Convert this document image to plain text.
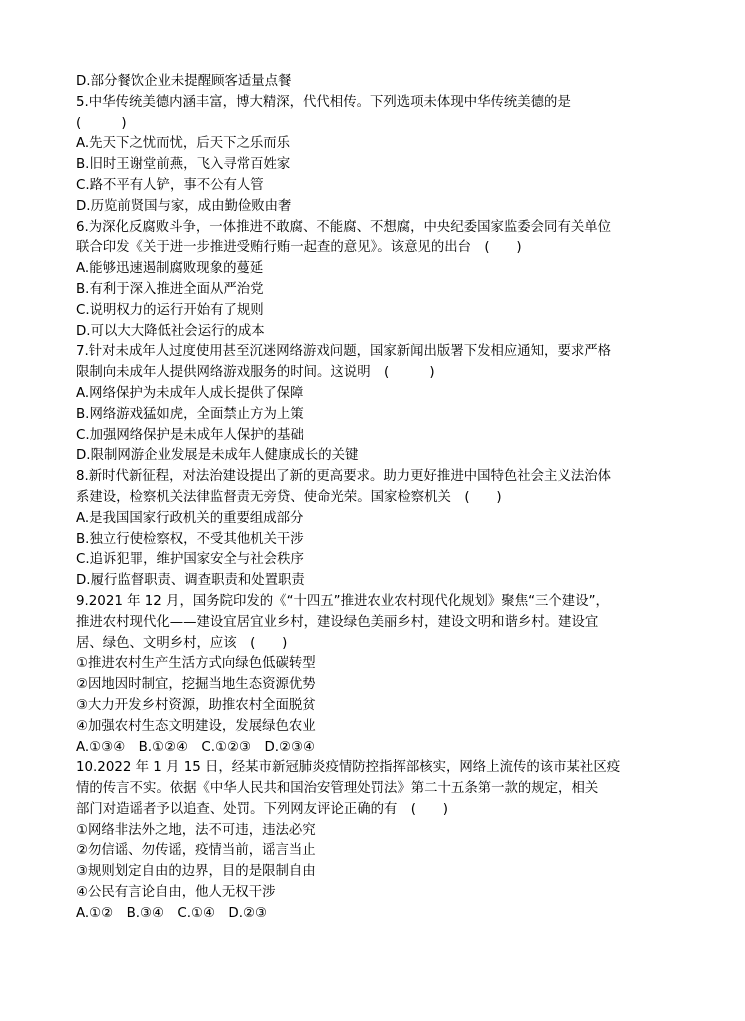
D.部分餐饮企业未提醒顾客适量点餐
5.中华传统美德内涵丰富，博大精深，代代相传。下列选项未体现中华传统美德的是
(　　　)
A.先天下之忧而忧，后天下之乐而乐
B.旧时王谢堂前燕，飞入寻常百姓家
C.路不平有人铲，事不公有人管
D.历览前贤国与家，成由勤俭败由奢
6.为深化反腐败斗争，一体推进不敢腐、不能腐、不想腐，中央纪委国家监委会同有关单位
联合印发《关于进一步推进受贿行贿一起查的意见》。该意见的出台　(　　)
A.能够迅速遏制腐败现象的蔓延
B.有利于深入推进全面从严治党
C.说明权力的运行开始有了规则
D.可以大大降低社会运行的成本
7.针对未成年人过度使用甚至沉迷网络游戏问题，国家新闻出版署下发相应通知，要求严格
限制向未成年人提供网络游戏服务的时间。这说明　(　　　)
A.网络保护为未成年人成长提供了保障
B.网络游戏猛如虎，全面禁止方为上策
C.加强网络保护是未成年人保护的基础
D.限制网游企业发展是未成年人健康成长的关键
8.新时代新征程，对法治建设提出了新的更高要求。助力更好推进中国特色社会主义法治体
系建设，检察机关法律监督责无旁贷、使命光荣。国家检察机关　(　　)
A.是我国国家行政机关的重要组成部分
B.独立行使检察权，不受其他机关干涉
C.追诉犯罪，维护国家安全与社会秩序
D.履行监督职责、调查职责和处置职责
9.2021 年 12 月，国务院印发的《“十四五”推进农业农村现代化规划》聚焦“三个建设”，
推进农村现代化——建设宜居宜业乡村，建设绿色美丽乡村，建设文明和谐乡村。建设宜
居、绿色、文明乡村，应该　(　　)
①推进农村生产生活方式向绿色低碳转型
②因地因时制宜，挖掘当地生态资源优势
③大力开发乡村资源，助推农村全面脱贫
④加强农村生态文明建设，发展绿色农业
A.①③④　B.①②④　C.①②③　D.②③④
10.2022 年 1 月 15 日，经某市新冠肺炎疫情防控指挥部核实，网络上流传的该市某社区疫
情的传言不实。依据《中华人民共和国治安管理处罚法》第二十五条第一款的规定，相关
部门对造谣者予以追查、处罚。下列网友评论正确的有　(　　)
①网络非法外之地，法不可违，违法必究
②勿信谣、勿传谣，疫情当前，谣言当止
③规则划定自由的边界，目的是限制自由
④公民有言论自由，他人无权干涉
A.①②　B.③④　C.①④　D.②③
